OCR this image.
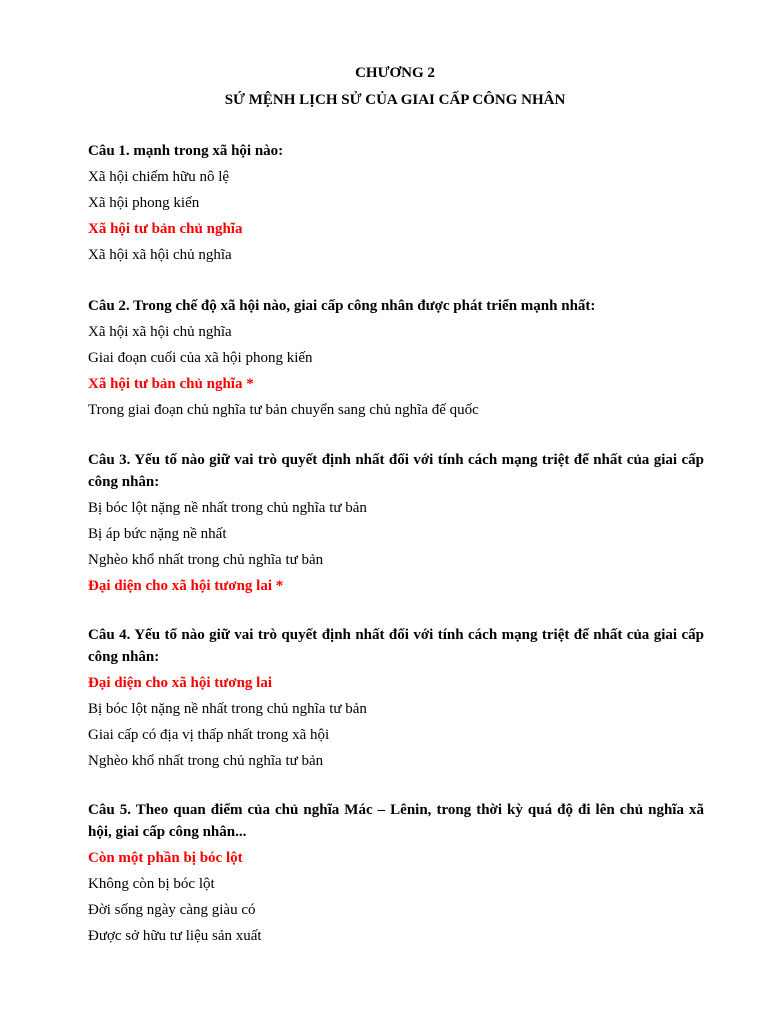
CHƯƠNG 2
SỨ MỆNH LỊCH SỬ CỦA GIAI CẤP CÔNG NHÂN

Câu 1. mạnh trong xã hội nào:

Xã hội chiếm hữu nô lệ

Xã hội phong kiến

Xã hội tư bản chủ nghĩa

Xã hội xã hội chủ nghĩa

Câu 2. Trong chế độ xã hội nào, giai cấp công nhân được phát triển mạnh nhất:

Xã hội xã hội chủ nghĩa

Giai đoạn cuối của xã hội phong kiến

Xã hội tư bản chủ nghĩa *

Trong giai đoạn chủ nghĩa tư bản chuyển sang chủ nghĩa đế quốc

Câu 3. Yếu tố nào giữ vai trò quyết định nhất đối với tính cách mạng triệt để nhất của giai cấp công nhân:

Bị bóc lột nặng nề nhất trong chủ nghĩa tư bản

Bị áp bức nặng nề nhất

Nghèo khổ nhất trong chủ nghĩa tư bản

Đại diện cho xã hội tương lai *

Câu 4. Yếu tố nào giữ vai trò quyết định nhất đối với tính cách mạng triệt để nhất của giai cấp công nhân:

Đại diện cho xã hội tương lai

Bị bóc lột nặng nề nhất trong chủ nghĩa tư bản

Giai cấp có địa vị thấp nhất trong xã hội

Nghèo khổ nhất trong chủ nghĩa tư bản

Câu 5. Theo quan điểm của chủ nghĩa Mác – Lênin, trong thời kỳ quá độ đi lên chủ nghĩa xã hội, giai cấp công nhân...

Còn một phần bị bóc lột

Không còn bị bóc lột

Đời sống ngày càng giàu có

Được sở hữu tư liệu sản xuất
